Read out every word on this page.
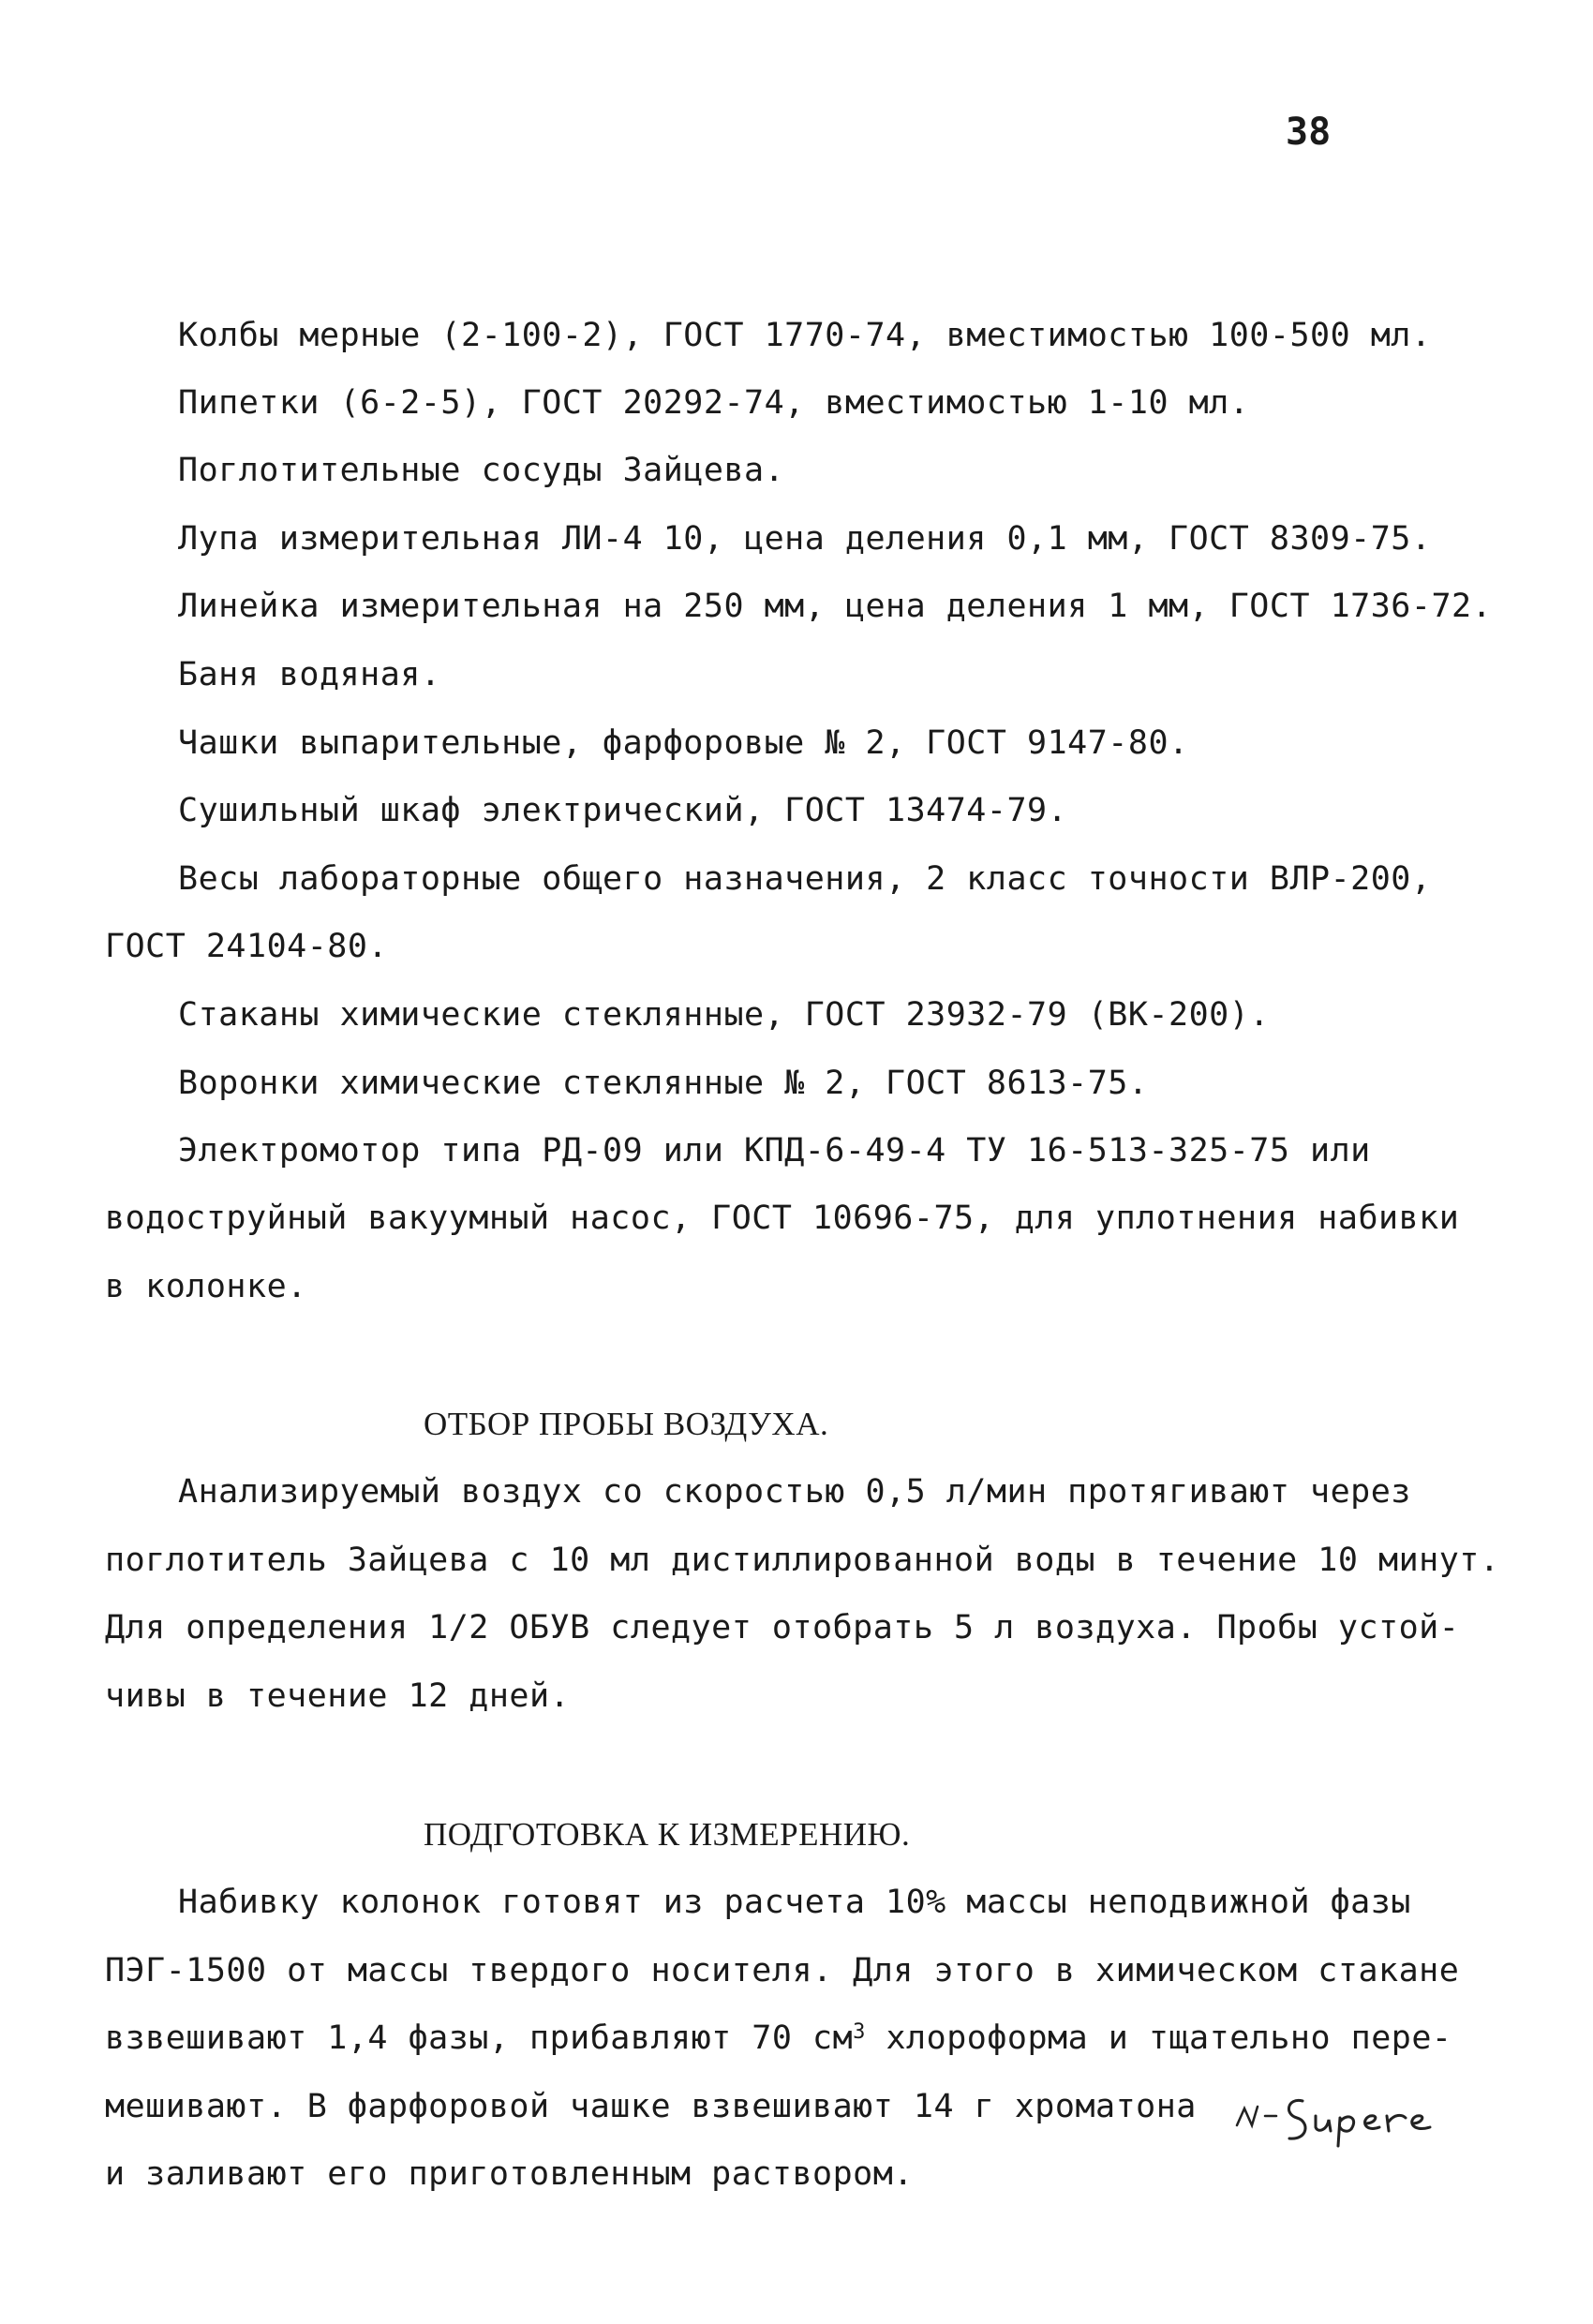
38
Колбы мерные (2-100-2), ГОСТ 1770-74, вместимостью 100-500 мл.
Пипетки (6-2-5), ГОСТ 20292-74, вместимостью 1-10 мл.
Поглотительные сосуды Зайцева.
Лупа измерительная ЛИ-4 10, цена деления 0,1 мм, ГОСТ 8309-75.
Линейка измерительная на 250 мм, цена деления 1 мм, ГОСТ 1736-72.
Баня водяная.
Чашки выпарительные, фарфоровые № 2, ГОСТ 9147-80.
Сушильный шкаф электрический, ГОСТ 13474-79.
Весы лабораторные общего назначения, 2 класс точности ВЛР-200,
ГОСТ 24104-80.
Стаканы химические стеклянные, ГОСТ 23932-79 (ВК-200).
Воронки химические стеклянные № 2, ГОСТ 8613-75.
Электромотор типа РД-09 или КПД-6-49-4 ТУ 16-513-325-75 или
водоструйный вакуумный насос, ГОСТ 10696-75, для уплотнения набивки
в колонке.
ОТБОР ПРОБЫ ВОЗДУХА.
Анализируемый воздух со скоростью 0,5 л/мин протягивают через
поглотитель Зайцева с 10 мл дистиллированной воды в течение 10 минут.
Для определения 1/2 ОБУВ следует отобрать 5 л воздуха. Пробы устой-
чивы в течение 12 дней.
ПОДГОТОВКА К ИЗМЕРЕНИЮ.
Набивку колонок готовят из расчета 10% массы неподвижной фазы
ПЭГ-1500 от массы твердого носителя. Для этого в химическом стакане
взвешивают 1,4 фазы, прибавляют 70 $см^3$ хлороформа и тщательно пере-
мешивают. В фарфоровой чашке взвешивают 14 г хроматона
и заливают его приготовленным раствором.
